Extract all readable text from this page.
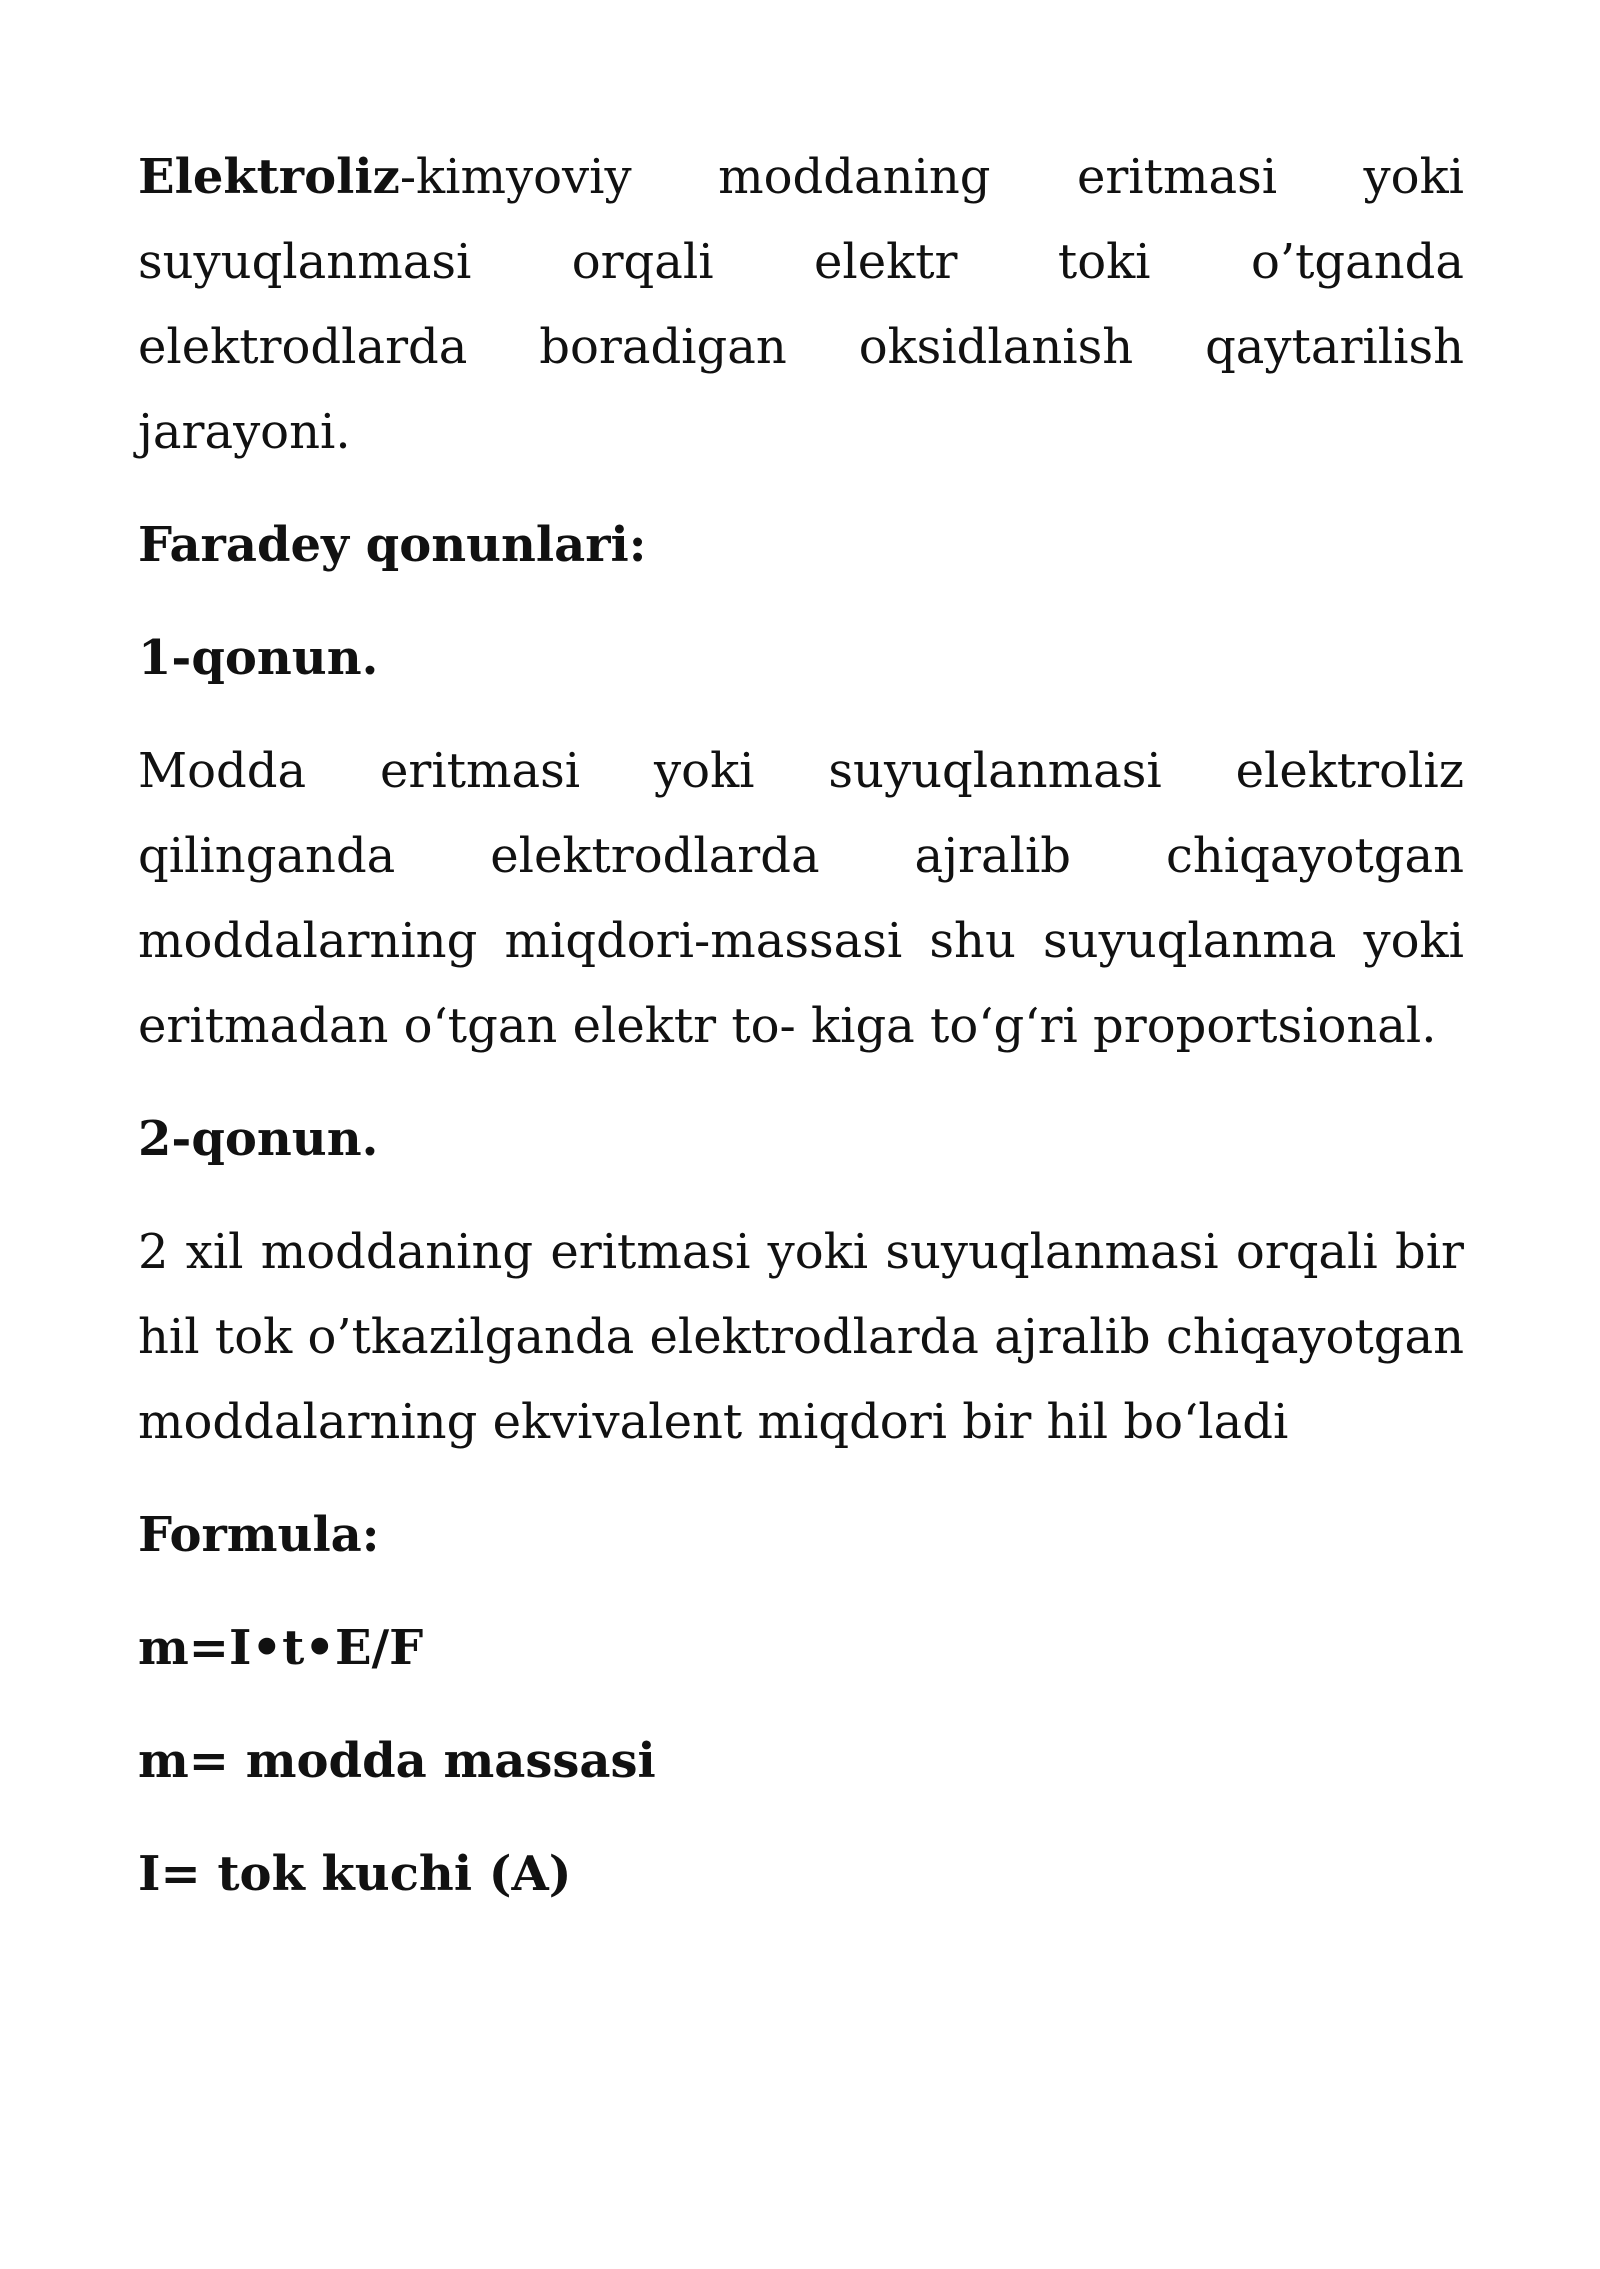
Elektroliz-kimyoviy moddaning eritmasi yoki suyuqlanmasi orqali elektr toki o’tganda elektrodlarda boradigan oksidlanish qaytarilish jarayoni.

Faradey qonunlari:

1-qonun.

Modda eritmasi yoki suyuqlanmasi elektroliz qilinganda elektrodlarda ajralib chiqayotgan moddalarning miqdori-massasi shu suyuqlanma yoki eritmadan o‘tgan elektr to- kiga to‘g‘ri proportsional.

2-qonun.

2 xil moddaning eritmasi yoki suyuqlanmasi orqali bir hil tok o’tkazilganda elektrodlarda ajralib chiqayotgan moddalarning ekvivalent miqdori bir hil bo‘ladi

Formula:

m=I•t•E/F

m= modda massasi

I= tok kuchi (A)
